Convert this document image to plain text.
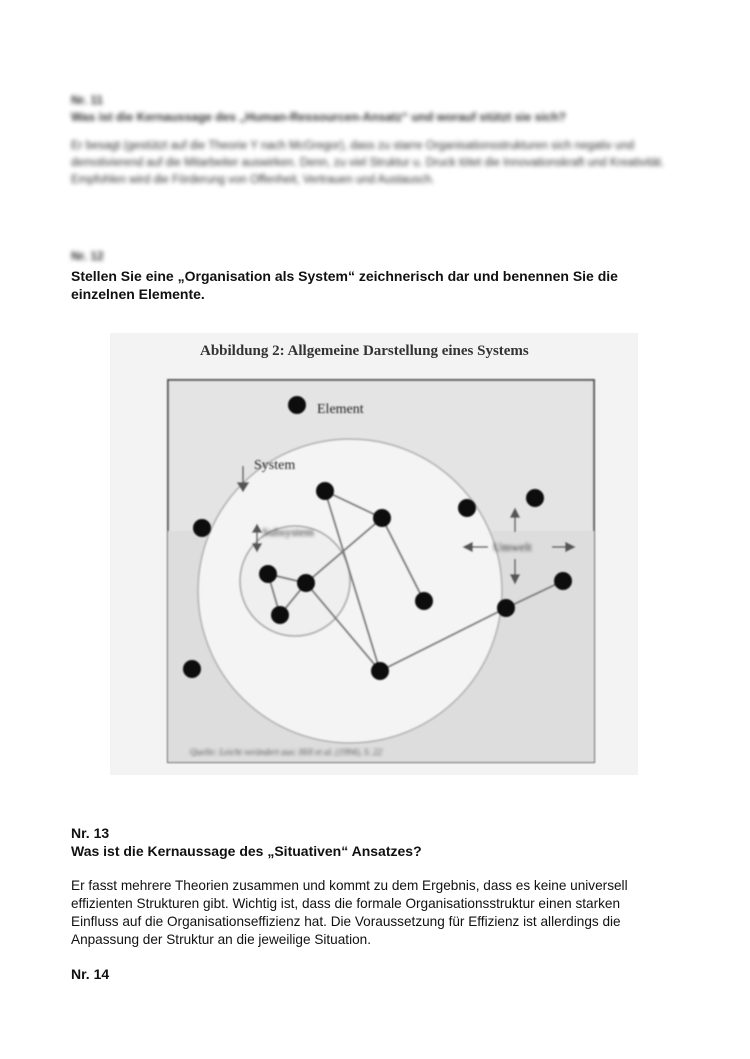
Nr. 11
Was ist die Kernaussage des „Human-Ressourcen-Ansatz“ und worauf stützt sie sich?
Er besagt (gestützt auf die Theorie Y nach McGregor), dass zu starre Organisationsstrukturen sich negativ und demotivierend auf die Mitarbeiter auswirken. Denn, zu viel Struktur u. Druck tötet die Innovationskraft und Kreativität. Empfohlen wird die Förderung von Offenheit, Vertrauen und Austausch.
Nr. 12
Stellen Sie eine „Organisation als System“ zeichnerisch dar und benennen Sie die einzelnen Elemente.
Abbildung 2: Allgemeine Darstellung eines Systems
Element
System
Subsystem
Umwelt
Quelle: Leicht verändert aus: Hill et al. (1994), S. 22
Nr. 13
Was ist die Kernaussage des „Situativen“ Ansatzes?
Er fasst mehrere Theorien zusammen und kommt zu dem Ergebnis, dass es keine universell effizienten Strukturen gibt. Wichtig ist, dass die formale Organisationsstruktur einen starken Einfluss auf die Organisationseffizienz hat. Die Voraussetzung für Effizienz ist allerdings die Anpassung der Struktur an die jeweilige Situation.
Nr. 14
